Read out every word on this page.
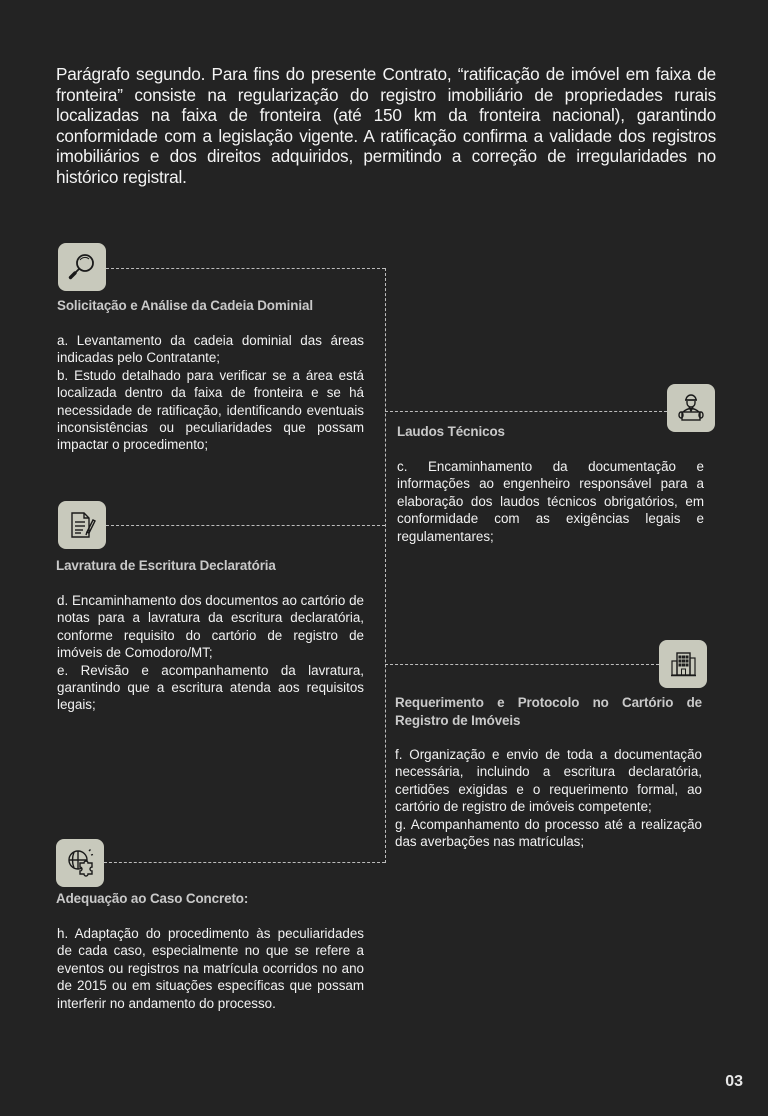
Parágrafo segundo. Para fins do presente Contrato, “ratificação de imóvel em faixa de fronteira” consiste na regularização do registro imobiliário de propriedades rurais localizadas na faixa de fronteira (até 150 km da fronteira nacional), garantindo conformidade com a legislação vigente. A ratificação confirma a validade dos registros imobiliários e dos direitos adquiridos, permitindo a correção de irregularidades no histórico registral.
Solicitação e Análise da Cadeia Dominial

a. Levantamento da cadeia dominial das áreas indicadas pelo Contratante;

b. Estudo detalhado para verificar se a área está localizada dentro da faixa de fronteira e se há necessidade de ratificação, identificando eventuais inconsistências ou peculiaridades que possam impactar o procedimento;

Laudos Técnicos

c. Encaminhamento da documentação e informações ao engenheiro responsável para a elaboração dos laudos técnicos obrigatórios, em conformidade com as exigências legais e regulamentares;

Lavratura de Escritura Declaratória

d. Encaminhamento dos documentos ao cartório de notas para a lavratura da escritura declaratória, conforme requisito do cartório de registro de imóveis de Comodoro/MT;

e. Revisão e acompanhamento da lavratura, garantindo que a escritura atenda aos requisitos legais;	Requerimento e Protocolo no Cartório de Registro de Imóveis

f. Organização e envio de toda a documentação necessária, incluindo a escritura declaratória, certidões exigidas e o requerimento formal, ao cartório de registro de imóveis competente;

g. Acompanhamento do processo até a realização das averbações nas matrículas;

Adequação ao Caso Concreto:

h. Adaptação do procedimento às peculiaridades de cada caso, especialmente no que se refere a eventos ou registros na matrícula ocorridos no ano de 2015 ou em situações específicas que possam interferir no andamento do processo.

03
